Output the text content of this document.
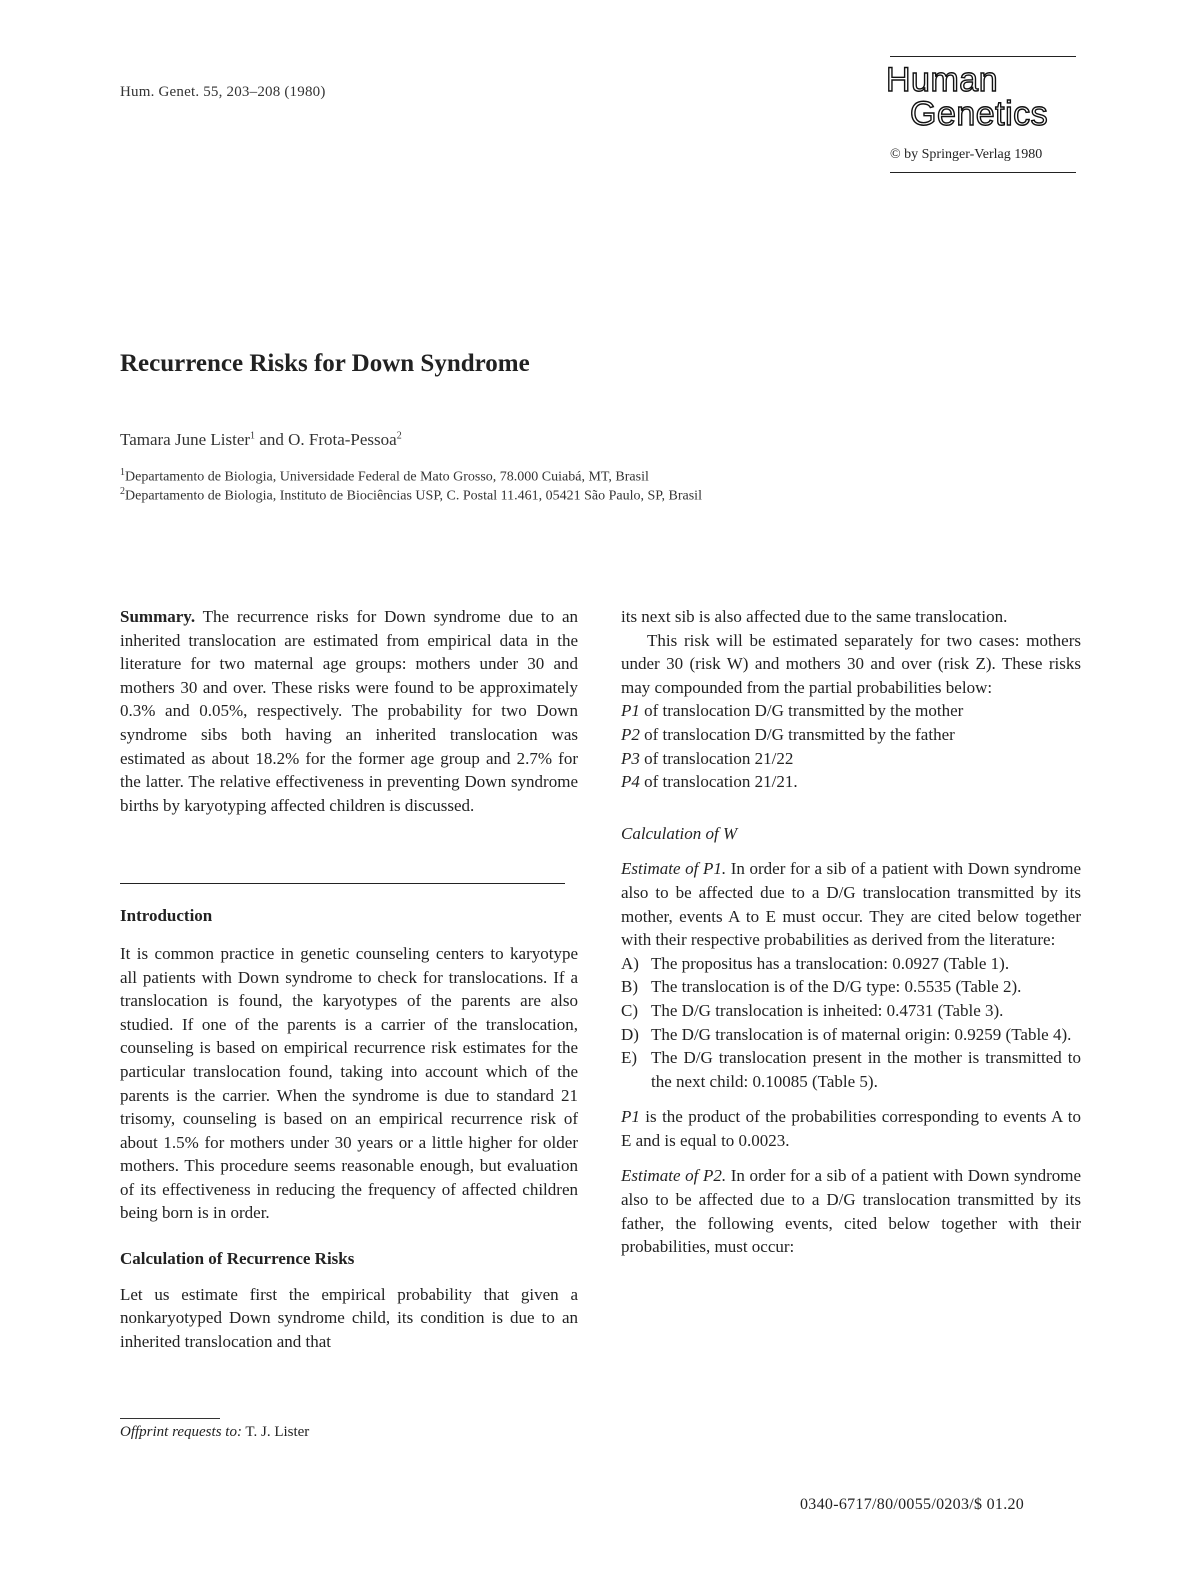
Hum. Genet. 55, 203–208 (1980)	Human
Genetics
© by Springer-Verlag 1980
Recurrence Risks for Down Syndrome
Tamara June Lister$^1$ and O. Frota-Pessoa$^2$
$^1$Departamento de Biologia, Universidade Federal de Mato Grosso, 78.000 Cuiabá, MT, Brasil
$^2$Departamento de Biologia, Instituto de Biociências USP, C. Postal 11.461, 05421 São Paulo, SP, Brasil

Summary. The recurrence risks for Down syndrome due to an inherited translocation are estimated from empirical data in the literature for two maternal age groups: mothers under 30 and mothers 30 and over. These risks were found to be approximately 0.3% and 0.05%, respectively. The probability for two Down syndrome sibs both having an inherited translocation was estimated as about 18.2% for the former age group and 2.7% for the latter. The relative effectiveness in preventing Down syndrome births by karyotyping affected children is discussed.

Introduction

It is common practice in genetic counseling centers to karyotype all patients with Down syndrome to check for translocations. If a translocation is found, the karyotypes of the parents are also studied. If one of the parents is a carrier of the translocation, counseling is based on empirical recurrence risk estimates for the particular translocation found, taking into account which of the parents is the carrier. When the syndrome is due to standard 21 trisomy, counseling is based on an empirical recurrence risk of about 1.5% for mothers under 30 years or a little higher for older mothers. This procedure seems reasonable enough, but evaluation of its effectiveness in reducing the frequency of affected children being born is in order.

Calculation of Recurrence Risks

Let us estimate first the empirical probability that given a nonkaryotyped Down syndrome child, its condition is due to an inherited translocation and that

Offprint requests to: T. J. Lister

its next sib is also affected due to the same translocation.

This risk will be estimated separately for two cases: mothers under 30 (risk W) and mothers 30 and over (risk Z). These risks may compounded from the partial probabilities below:

P1 of translocation D/G transmitted by the mother

P2 of translocation D/G transmitted by the father

P3 of translocation 21/22

P4 of translocation 21/21.

Calculation of W

Estimate of P1. In order for a sib of a patient with Down syndrome also to be affected due to a D/G translocation transmitted by its mother, events A to E must occur. They are cited below together with their respective probabilities as derived from the literature:

A) The propositus has a translocation: 0.0927 (Table 1).
B) The translocation is of the D/G type: 0.5535 (Table 2).
C) The D/G translocation is inheited: 0.4731 (Table 3).
D) The D/G translocation is of maternal origin: 0.9259 (Table 4).
E) The D/G translocation present in the mother is transmitted to the next child: 0.10085 (Table 5).

P1 is the product of the probabilities corresponding to events A to E and is equal to 0.0023.

Estimate of P2. In order for a sib of a patient with Down syndrome also to be affected due to a D/G translocation transmitted by its father, the following events, cited below together with their probabilities, must occur:

0340-6717/80/0055/0203/$ 01.20
